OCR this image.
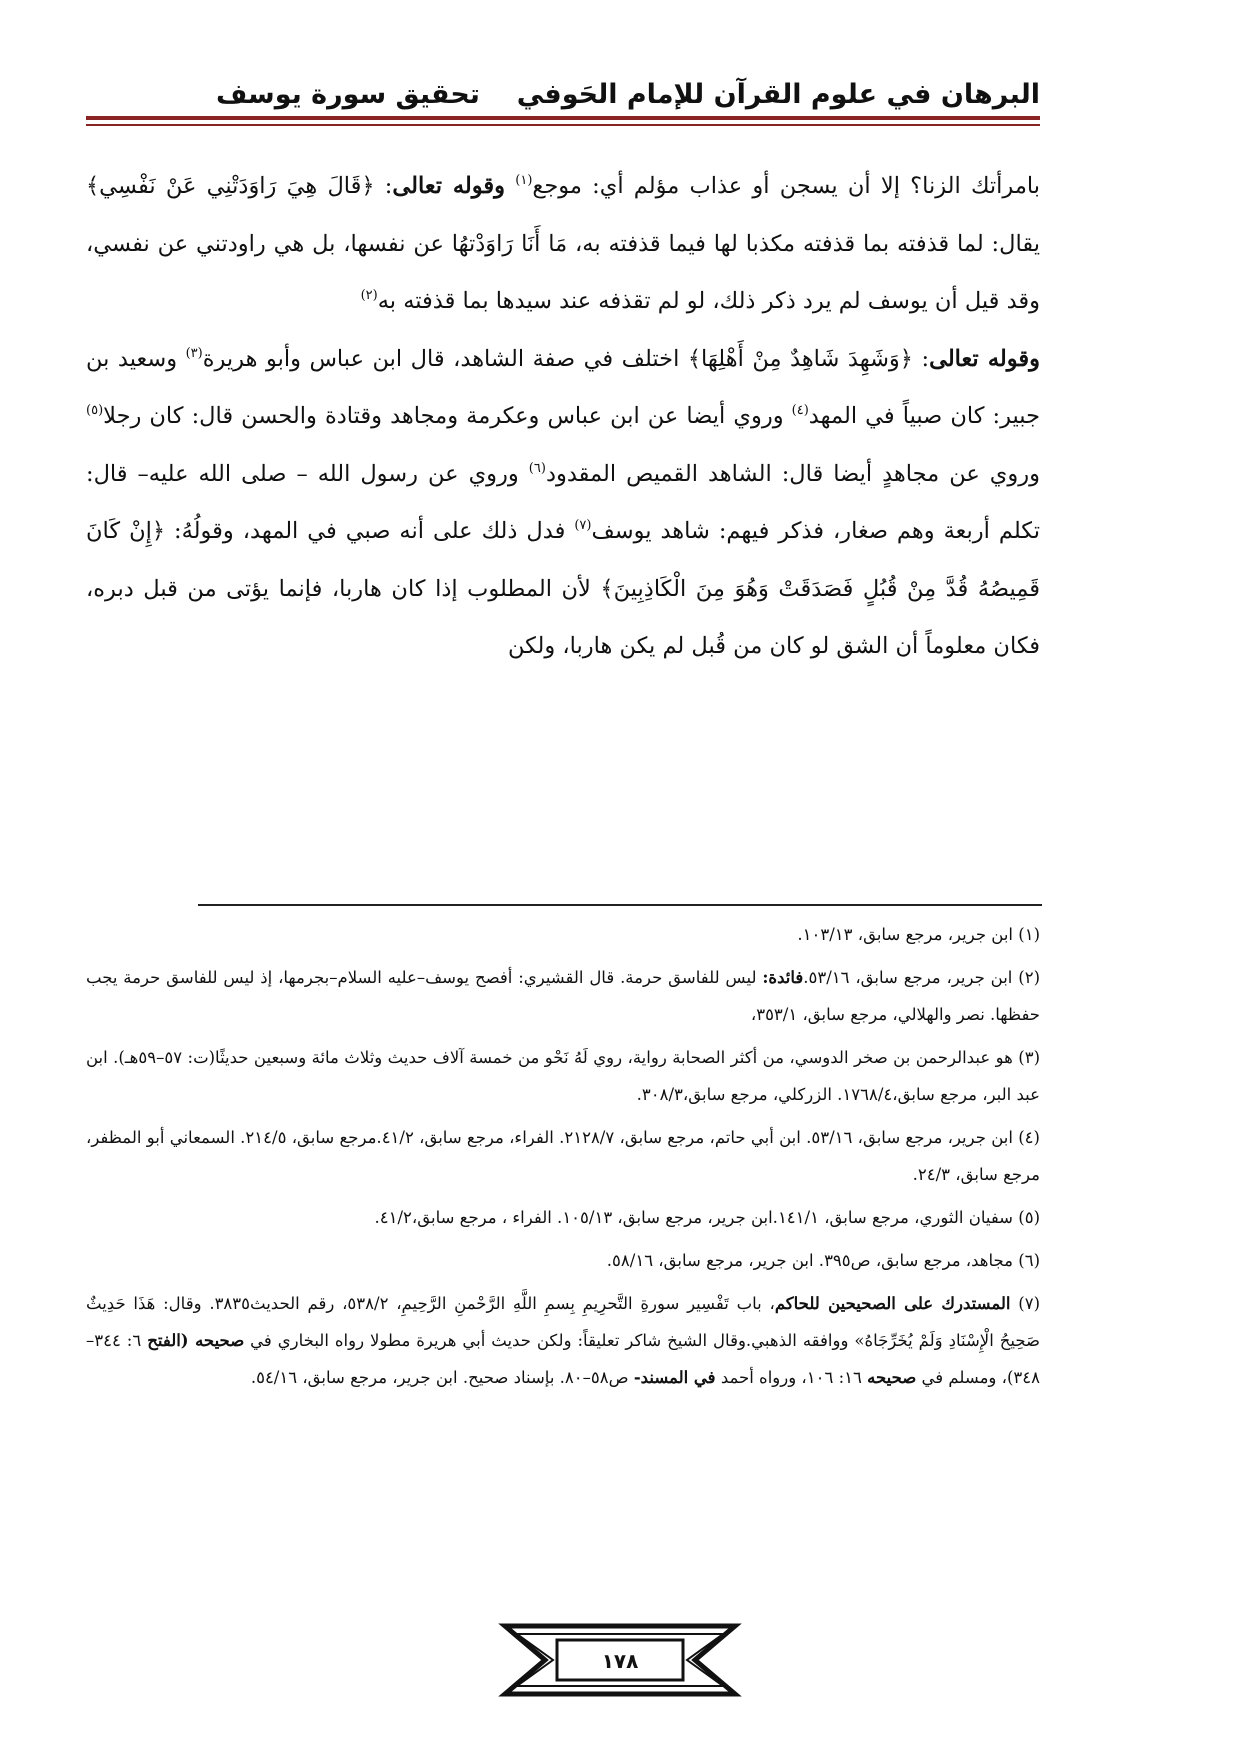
البرهان في علوم القرآن للإمام الحَوفي
تحقيق سورة يوسف

بامرأتك الزنا؟ إلا أن يسجن أو عذاب مؤلم أي: موجع$^{(١)}$ وقوله تعالى: ﴿قَالَ هِيَ رَاوَدَتْنِي عَنْ نَفْسِي﴾ يقال: لما قذفته بما قذفته مكذبا لها فيما قذفته به، مَا أَنَا رَاوَدْتهُا عن نفسها، بل هي راودتني عن نفسي، وقد قيل أن يوسف لم يرد ذكر ذلك، لو لم تقذفه عند سيدها بما قذفته به$^{(٢)}$

وقوله تعالى: ﴿وَشَهِدَ شَاهِدٌ مِنْ أَهْلِهَا﴾ اختلف في صفة الشاهد، قال ابن عباس وأبو هريرة$^{(٣)}$ وسعيد بن جبير: كان صبياً في المهد$^{(٤)}$ وروي أيضا عن ابن عباس وعكرمة ومجاهد وقتادة والحسن قال: كان رجلا$^{(٥)}$ وروي عن مجاهدٍ أيضا قال: الشاهد القميص المقدود$^{(٦)}$ وروي عن رسول الله – صلى الله عليه– قال: تكلم أربعة وهم صغار، فذكر فيهم: شاهد يوسف$^{(٧)}$ فدل ذلك على أنه صبي في المهد، وقولُهُ: ﴿إِنْ كَانَ قَمِيصُهُ قُدَّ مِنْ قُبُلٍ فَصَدَقَتْ وَهُوَ مِنَ الْكَاذِبِينَ﴾ لأن المطلوب إذا كان هاربا، فإنما يؤتى من قبل دبره، فكان معلوماً أن الشق لو كان من قُبل لم يكن هاربا، ولكن

(١) ابن جرير، مرجع سابق، ١٠٣/١٣.

(٢) ابن جرير، مرجع سابق، ٥٣/١٦.فائدة: ليس للفاسق حرمة. قال القشيري: أفصح يوسف–عليه السلام–بجرمها، إذ ليس للفاسق حرمة يجب حفظها. نصر والهلالي، مرجع سابق، ٣٥٣/١،

(٣) هو عبدالرحمن بن صخر الدوسي، من أكثر الصحابة رواية، روي لَهُ نَحْو من خمسة آلاف حديث وثلاث مائة وسبعين حديثًا(ت: ٥٧–٥٩هـ). ابن عبد البر، مرجع سابق،١٧٦٨/٤. الزركلي، مرجع سابق،٣٠٨/٣.

(٤) ابن جرير، مرجع سابق، ٥٣/١٦. ابن أبي حاتم، مرجع سابق، ٢١٢٨/٧. الفراء، مرجع سابق، ٤١/٢.مرجع سابق، ٢١٤/٥. السمعاني أبو المظفر، مرجع سابق، ٢٤/٣.

(٥) سفيان الثوري، مرجع سابق، ١٤١/١.ابن جرير، مرجع سابق، ١٠٥/١٣. الفراء ، مرجع سابق،٤١/٢.

(٦) مجاهد، مرجع سابق، ص٣٩٥. ابن جرير، مرجع سابق، ٥٨/١٦.

(٧) المستدرك على الصحيحين للحاكم، باب تَفْسِير سورةِ التَّحرِيمِ بِسمِ اللَّهِ الرَّحْمنِ الرَّحِيمِ، ٥٣٨/٢، رقم الحديث٣٨٣٥. وقال: هَذَا حَدِيثٌ صَحِيحُ الْإِسْنَادِ وَلَمْ يُخَرِّجَاهُ» ووافقه الذهبي.وقال الشيخ شاكر تعليقاً: ولكن حديث أبي هريرة مطولا رواه البخاري في صحيحه (الفتح ٦: ٣٤٤–٣٤٨)، ومسلم في صحيحه ١٦: ١٠٦، ورواه أحمد في المسند- ص٥٨–٨٠. بإسناد صحيح. ابن جرير، مرجع سابق، ٥٤/١٦.

١٧٨
